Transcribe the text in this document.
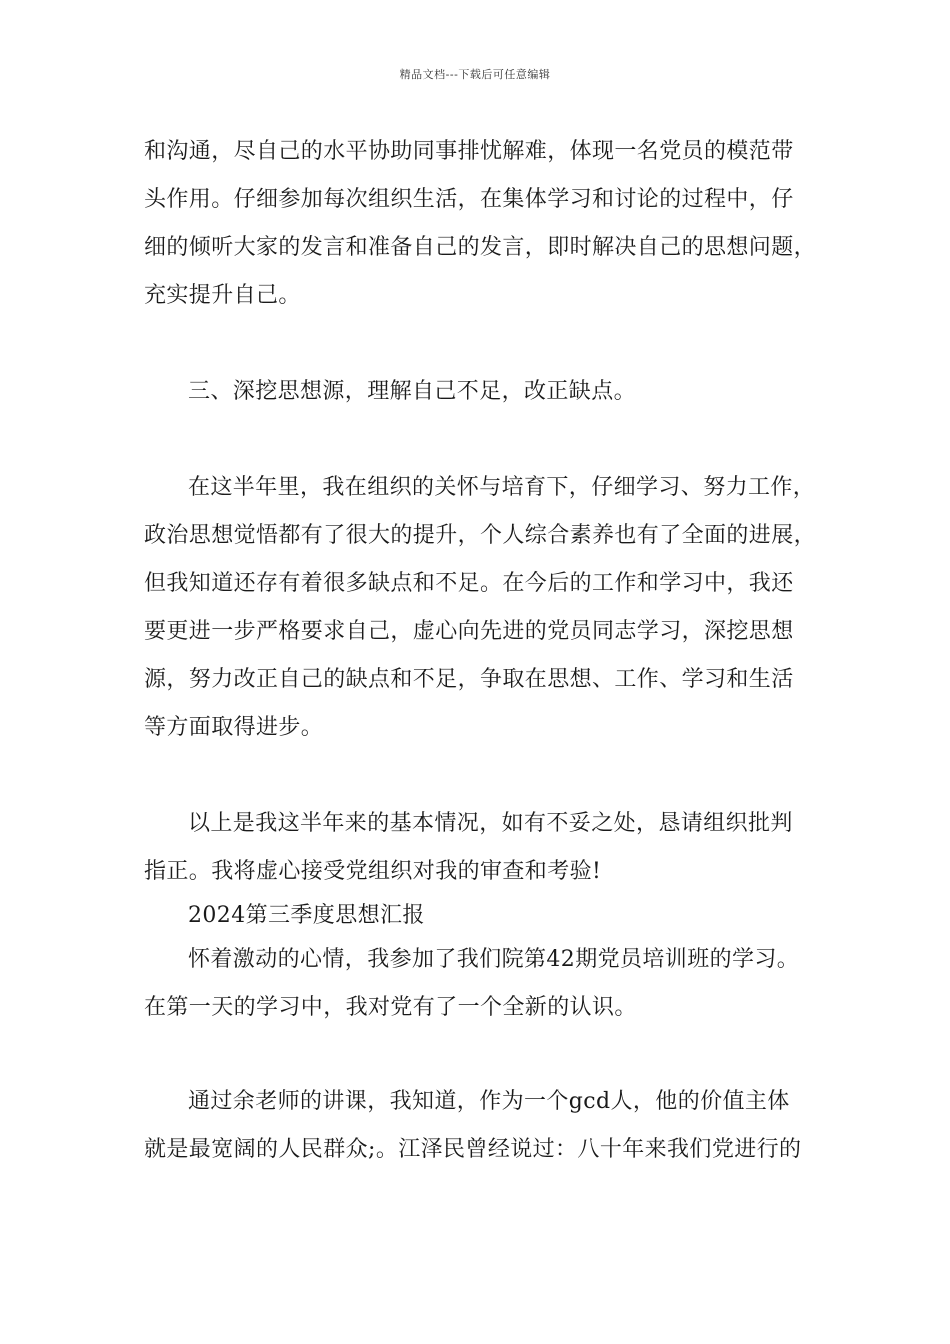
精品文档---下载后可任意编辑
和沟通，尽自己的水平协助同事排忧解难，体现一名党员的模范带
头作用。仔细参加每次组织生活，在集体学习和讨论的过程中，仔
细的倾听大家的发言和准备自己的发言，即时解决自己的思想问题，
充实提升自己。
三、深挖思想源，理解自己不足，改正缺点。
在这半年里，我在组织的关怀与培育下，仔细学习、努力工作，
政治思想觉悟都有了很大的提升，个人综合素养也有了全面的进展，
但我知道还存有着很多缺点和不足。在今后的工作和学习中，我还
要更进一步严格要求自己，虚心向先进的党员同志学习，深挖思想
源，努力改正自己的缺点和不足，争取在思想、工作、学习和生活
等方面取得进步。
以上是我这半年来的基本情况，如有不妥之处，恳请组织批判
指正。我将虚心接受党组织对我的审查和考验!
2024第三季度思想汇报
怀着激动的心情，我参加了我们院第42期党员培训班的学习。
在第一天的学习中，我对党有了一个全新的认识。
通过余老师的讲课，我知道，作为一个gcd人，他的价值主体
就是最宽阔的人民群众;。江泽民曾经说过：八十年来我们党进行的
